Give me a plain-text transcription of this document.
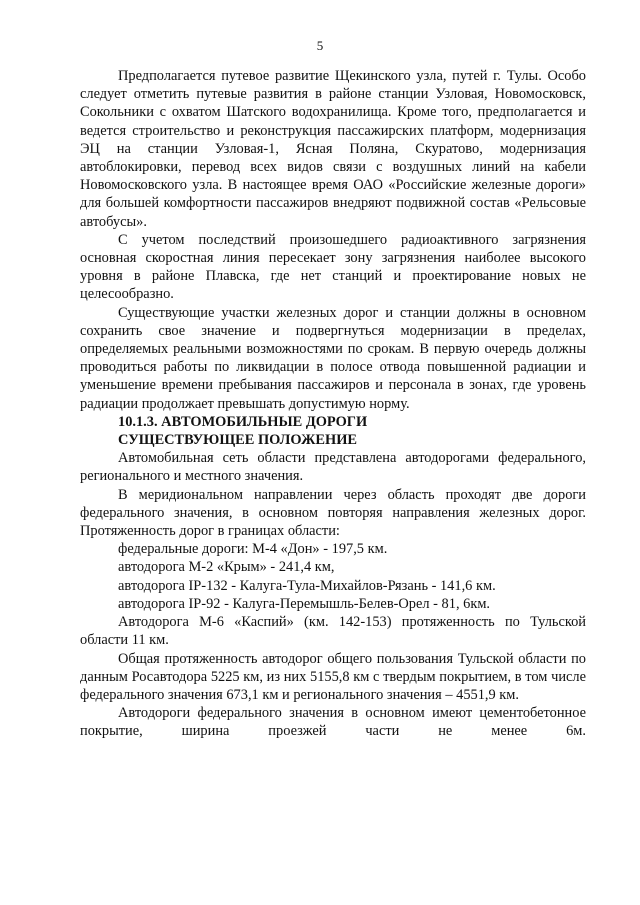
5

Предполагается путевое развитие Щекинского узла, путей г. Тулы. Особо следует отметить путевые развития в районе станции Узловая, Новомосковск, Сокольники с охватом Шатского водохранилища. Кроме того, предполагается и ведется строительство и реконструкция пассажирских платформ, модернизация ЭЦ на станции Узловая-1, Ясная Поляна, Скуратово, модернизация автоблокировки, перевод всех видов связи с воздушных линий на кабели Новомосковского узла. В настоящее время ОАО «Российские железные дороги» для большей комфортности пассажиров внедряют подвижной состав «Рельсовые автобусы».

С учетом последствий произошедшего радиоактивного загрязнения основная скоростная линия пересекает зону загрязнения наиболее высокого уровня в районе Плавска, где нет станций и проектирование новых не целесообразно.

Существующие участки железных дорог и станции должны в основном сохранить свое значение и подвергнуться модернизации в пределах, определяемых реальными возможностями по срокам. В первую очередь должны проводиться работы по ликвидации в полосе отвода повышенной радиации и уменьшение времени пребывания пассажиров и персонала в зонах, где уровень радиации продолжает превышать допустимую норму.

10.1.3. АВТОМОБИЛЬНЫЕ ДОРОГИ

СУЩЕСТВУЮЩЕЕ ПОЛОЖЕНИЕ

Автомобильная сеть области представлена автодорогами федерального, регионального и местного значения.

В меридиональном направлении через область проходят две дороги федерального значения, в основном повторяя направления железных дорог. Протяженность дорог в границах области:

федеральные дороги: М-4 «Дон» - 197,5 км.

автодорога М-2 «Крым» - 241,4 км,

автодорога IP-132 - Калуга-Тула-Михайлов-Рязань - 141,6 км.

автодорога IP-92 - Калуга-Перемышль-Белев-Орел - 81, 6км.

Автодорога М-6 «Каспий» (км. 142-153) протяженность по Тульской области 11 км.

Общая протяженность автодорог общего пользования Тульской области по данным Росавтодора 5225 км, из них 5155,8 км с твердым покрытием, в том числе федерального значения 673,1 км и регионального значения – 4551,9 км.

Автодороги федерального значения в основном имеют цементобетонное покрытие, ширина проезжей части не менее 6м.
